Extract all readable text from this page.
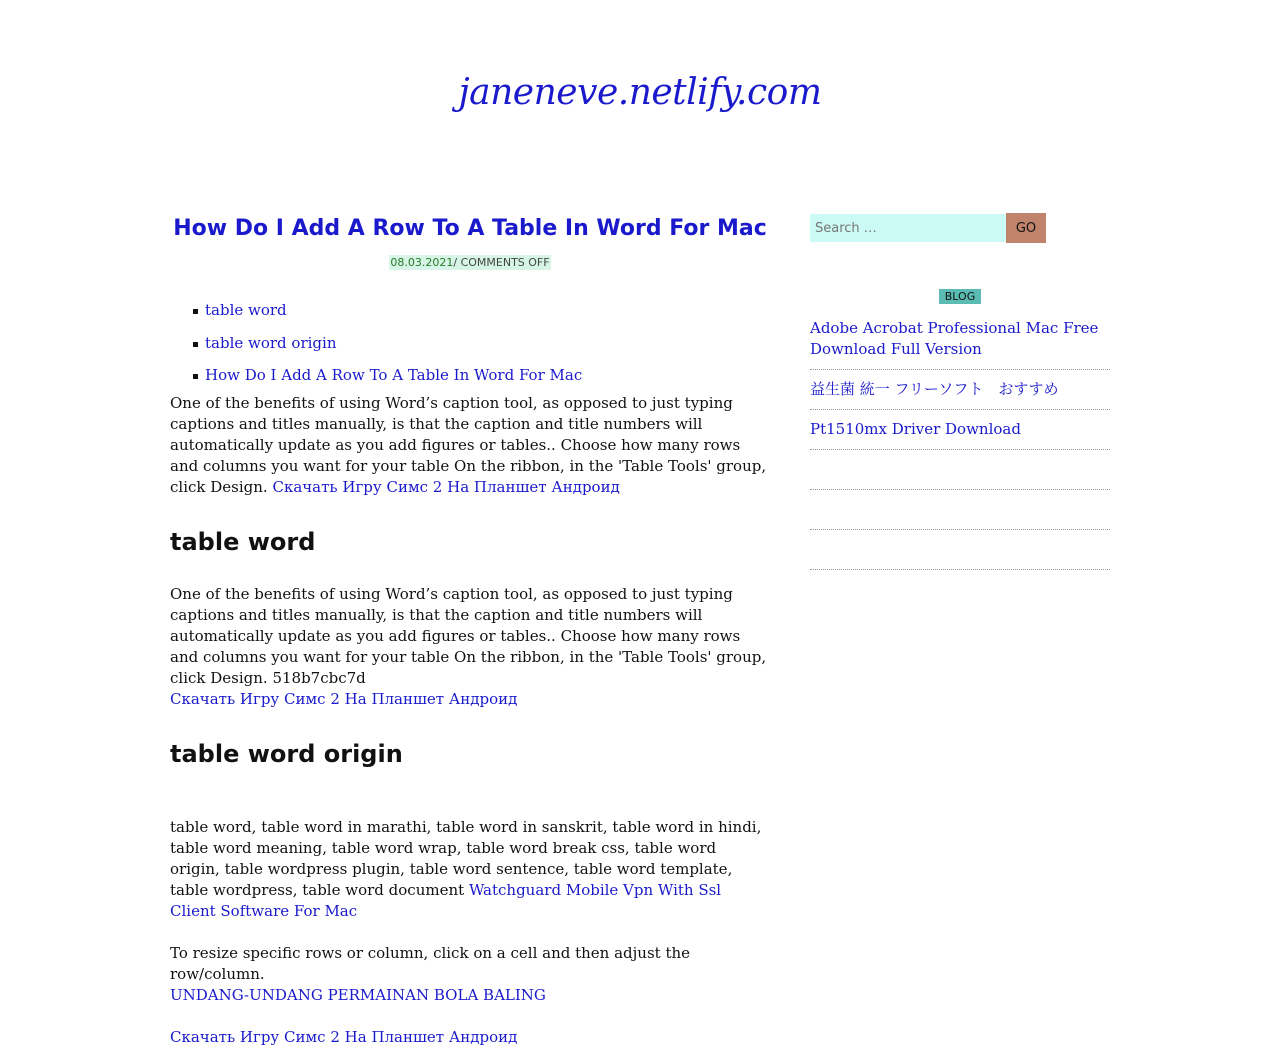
janeneve.netlify.com
How Do I Add A Row To A Table In Word For Mac
08.03.2021/ COMMENTS OFF
table word
table word origin
How Do I Add A Row To A Table In Word For Mac

One of the benefits of using Word’s caption tool, as opposed to just typing captions and titles manually, is that the caption and title numbers will automatically update as you add figures or tables.. Choose how many rows and columns you want for your table On the ribbon, in the 'Table Tools' group, click Design. Скачать Игру Симс 2 На Планшет Андроид

table word

One of the benefits of using Word’s caption tool, as opposed to just typing captions and titles manually, is that the caption and title numbers will automatically update as you add figures or tables.. Choose how many rows and columns you want for your table On the ribbon, in the 'Table Tools' group, click Design. 518b7cbc7d
Скачать Игру Симс 2 На Планшет Андроид

table word origin

table word, table word in marathi, table word in sanskrit, table word in hindi, table word meaning, table word wrap, table word break css, table word origin, table wordpress plugin, table word sentence, table word template, table wordpress, table word document Watchguard Mobile Vpn With Ssl Client Software For Mac

To resize specific rows or column, click on a cell and then adjust the row/column.
UNDANG-UNDANG PERMAINAN BOLA BALING

Скачать Игру Симс 2 На Планшет Андроид

Search …
GO
BLOG
Adobe Acrobat Professional Mac Free Download Full Version
益生菌 統一 フリーソフト　おすすめ
Pt1510mx Driver Download
